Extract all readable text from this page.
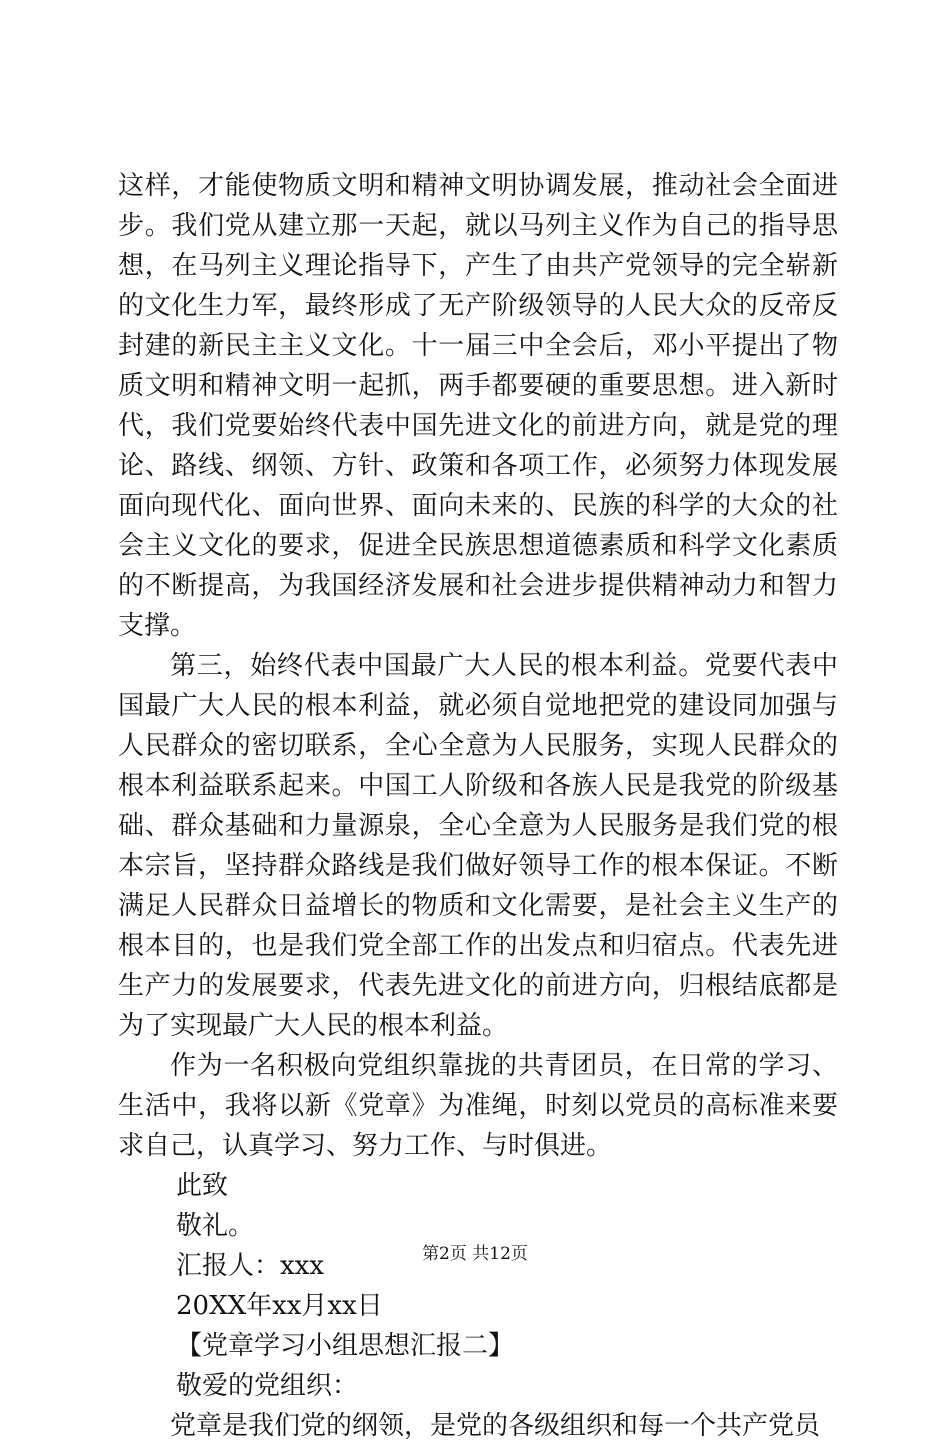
这样，才能使物质文明和精神文明协调发展，推动社会全面进步。我们党从建立那一天起，就以马列主义作为自己的指导思想，在马列主义理论指导下，产生了由共产党领导的完全崭新的文化生力军，最终形成了无产阶级领导的人民大众的反帝反封建的新民主主义文化。十一届三中全会后，邓小平提出了物质文明和精神文明一起抓，两手都要硬的重要思想。进入新时代，我们党要始终代表中国先进文化的前进方向，就是党的理论、路线、纲领、方针、政策和各项工作，必须努力体现发展面向现代化、面向世界、面向未来的、民族的科学的大众的社会主义文化的要求，促进全民族思想道德素质和科学文化素质的不断提高，为我国经济发展和社会进步提供精神动力和智力支撑。

第三，始终代表中国最广大人民的根本利益。党要代表中国最广大人民的根本利益，就必须自觉地把党的建设同加强与人民群众的密切联系，全心全意为人民服务，实现人民群众的根本利益联系起来。中国工人阶级和各族人民是我党的阶级基础、群众基础和力量源泉，全心全意为人民服务是我们党的根本宗旨，坚持群众路线是我们做好领导工作的根本保证。不断满足人民群众日益增长的物质和文化需要，是社会主义生产的根本目的，也是我们党全部工作的出发点和归宿点。代表先进生产力的发展要求，代表先进文化的前进方向，归根结底都是为了实现最广大人民的根本利益。

作为一名积极向党组织靠拢的共青团员，在日常的学习、生活中，我将以新《党章》为准绳，时刻以党员的高标准来要求自己，认真学习、努力工作、与时俱进。

此致

敬礼。

汇报人：xxx

20XX年xx月xx日

【党章学习小组思想汇报二】

敬爱的党组织：

党章是我们党的纲领，是党的各级组织和每一个共产党员

第2页 共12页
